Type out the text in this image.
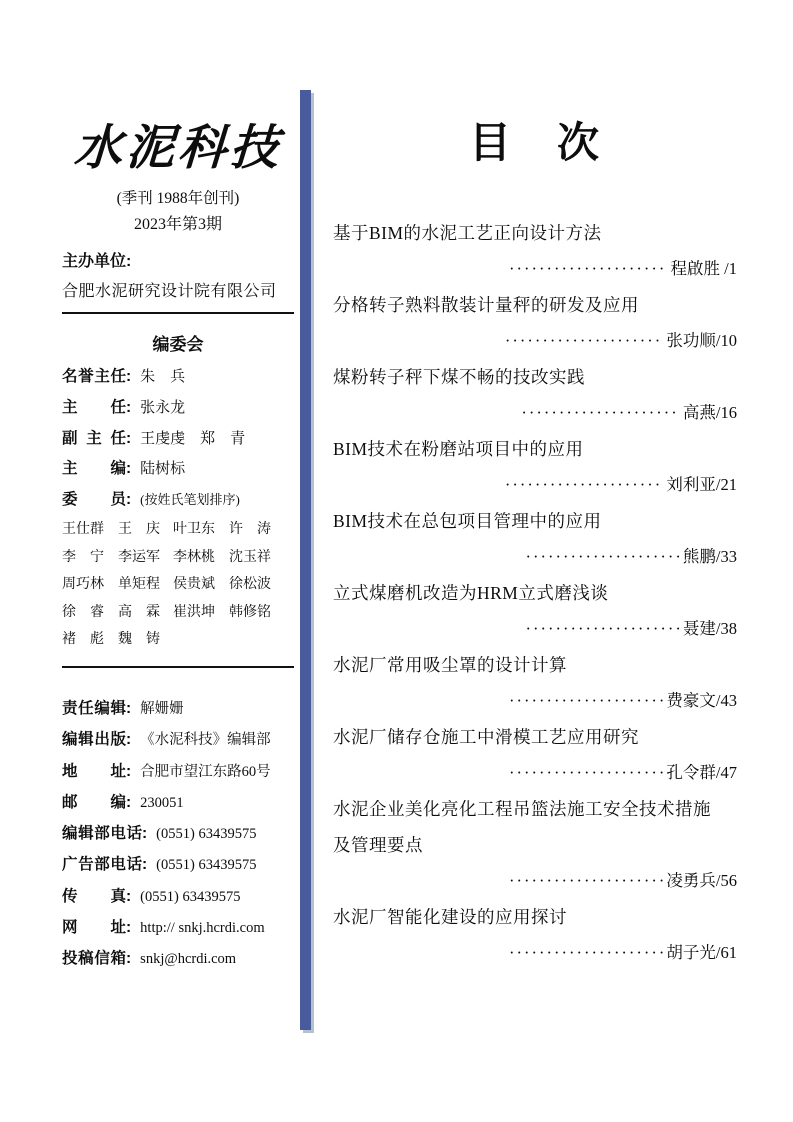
水泥科技
(季刊 1988年创刊)
2023年第3期
主办单位:
合肥水泥研究设计院有限公司
编委会
名誉主任: 朱　兵
主任: 张永龙
副主任: 王虔虔　郑　青
主编: 陆树标
委员: (按姓氏笔划排序)
王仕群	王　庆 叶卫东	许　涛
李　宁	李运军 李林桃	沈玉祥
周巧林	单矩程 侯贵斌	徐松波
徐　睿	高　霖 崔洪坤	韩修铭
褚　彪	魏　铸
责任编辑: 解姗姗
编辑出版: 《水泥科技》编辑部
地址: 合肥市望江东路60号
邮编: 230051
编辑部电话: (0551) 63439575
广告部电话: (0551) 63439575
传真: (0551) 63439575
网址: http:// snkj.hcrdi.com
投稿信箱: snkj@hcrdi.com
目　次
基于BIM的水泥工艺正向设计方法
····················· 程啟胜 /1
分格转子熟料散装计量秤的研发及应用
····················· 张功顺/10
煤粉转子秤下煤不畅的技改实践
····················· 高燕/16
BIM技术在粉磨站项目中的应用
····················· 刘利亚/21
BIM技术在总包项目管理中的应用
·····················熊鹏/33
立式煤磨机改造为HRM立式磨浅谈
·····················聂建/38
水泥厂常用吸尘罩的设计计算
·····················费豪文/43
水泥厂储存仓施工中滑模工艺应用研究
·····················孔令群/47
水泥企业美化亮化工程吊篮法施工安全技术措施
及管理要点
·····················凌勇兵/56
水泥厂智能化建设的应用探讨
·····················胡子光/61
